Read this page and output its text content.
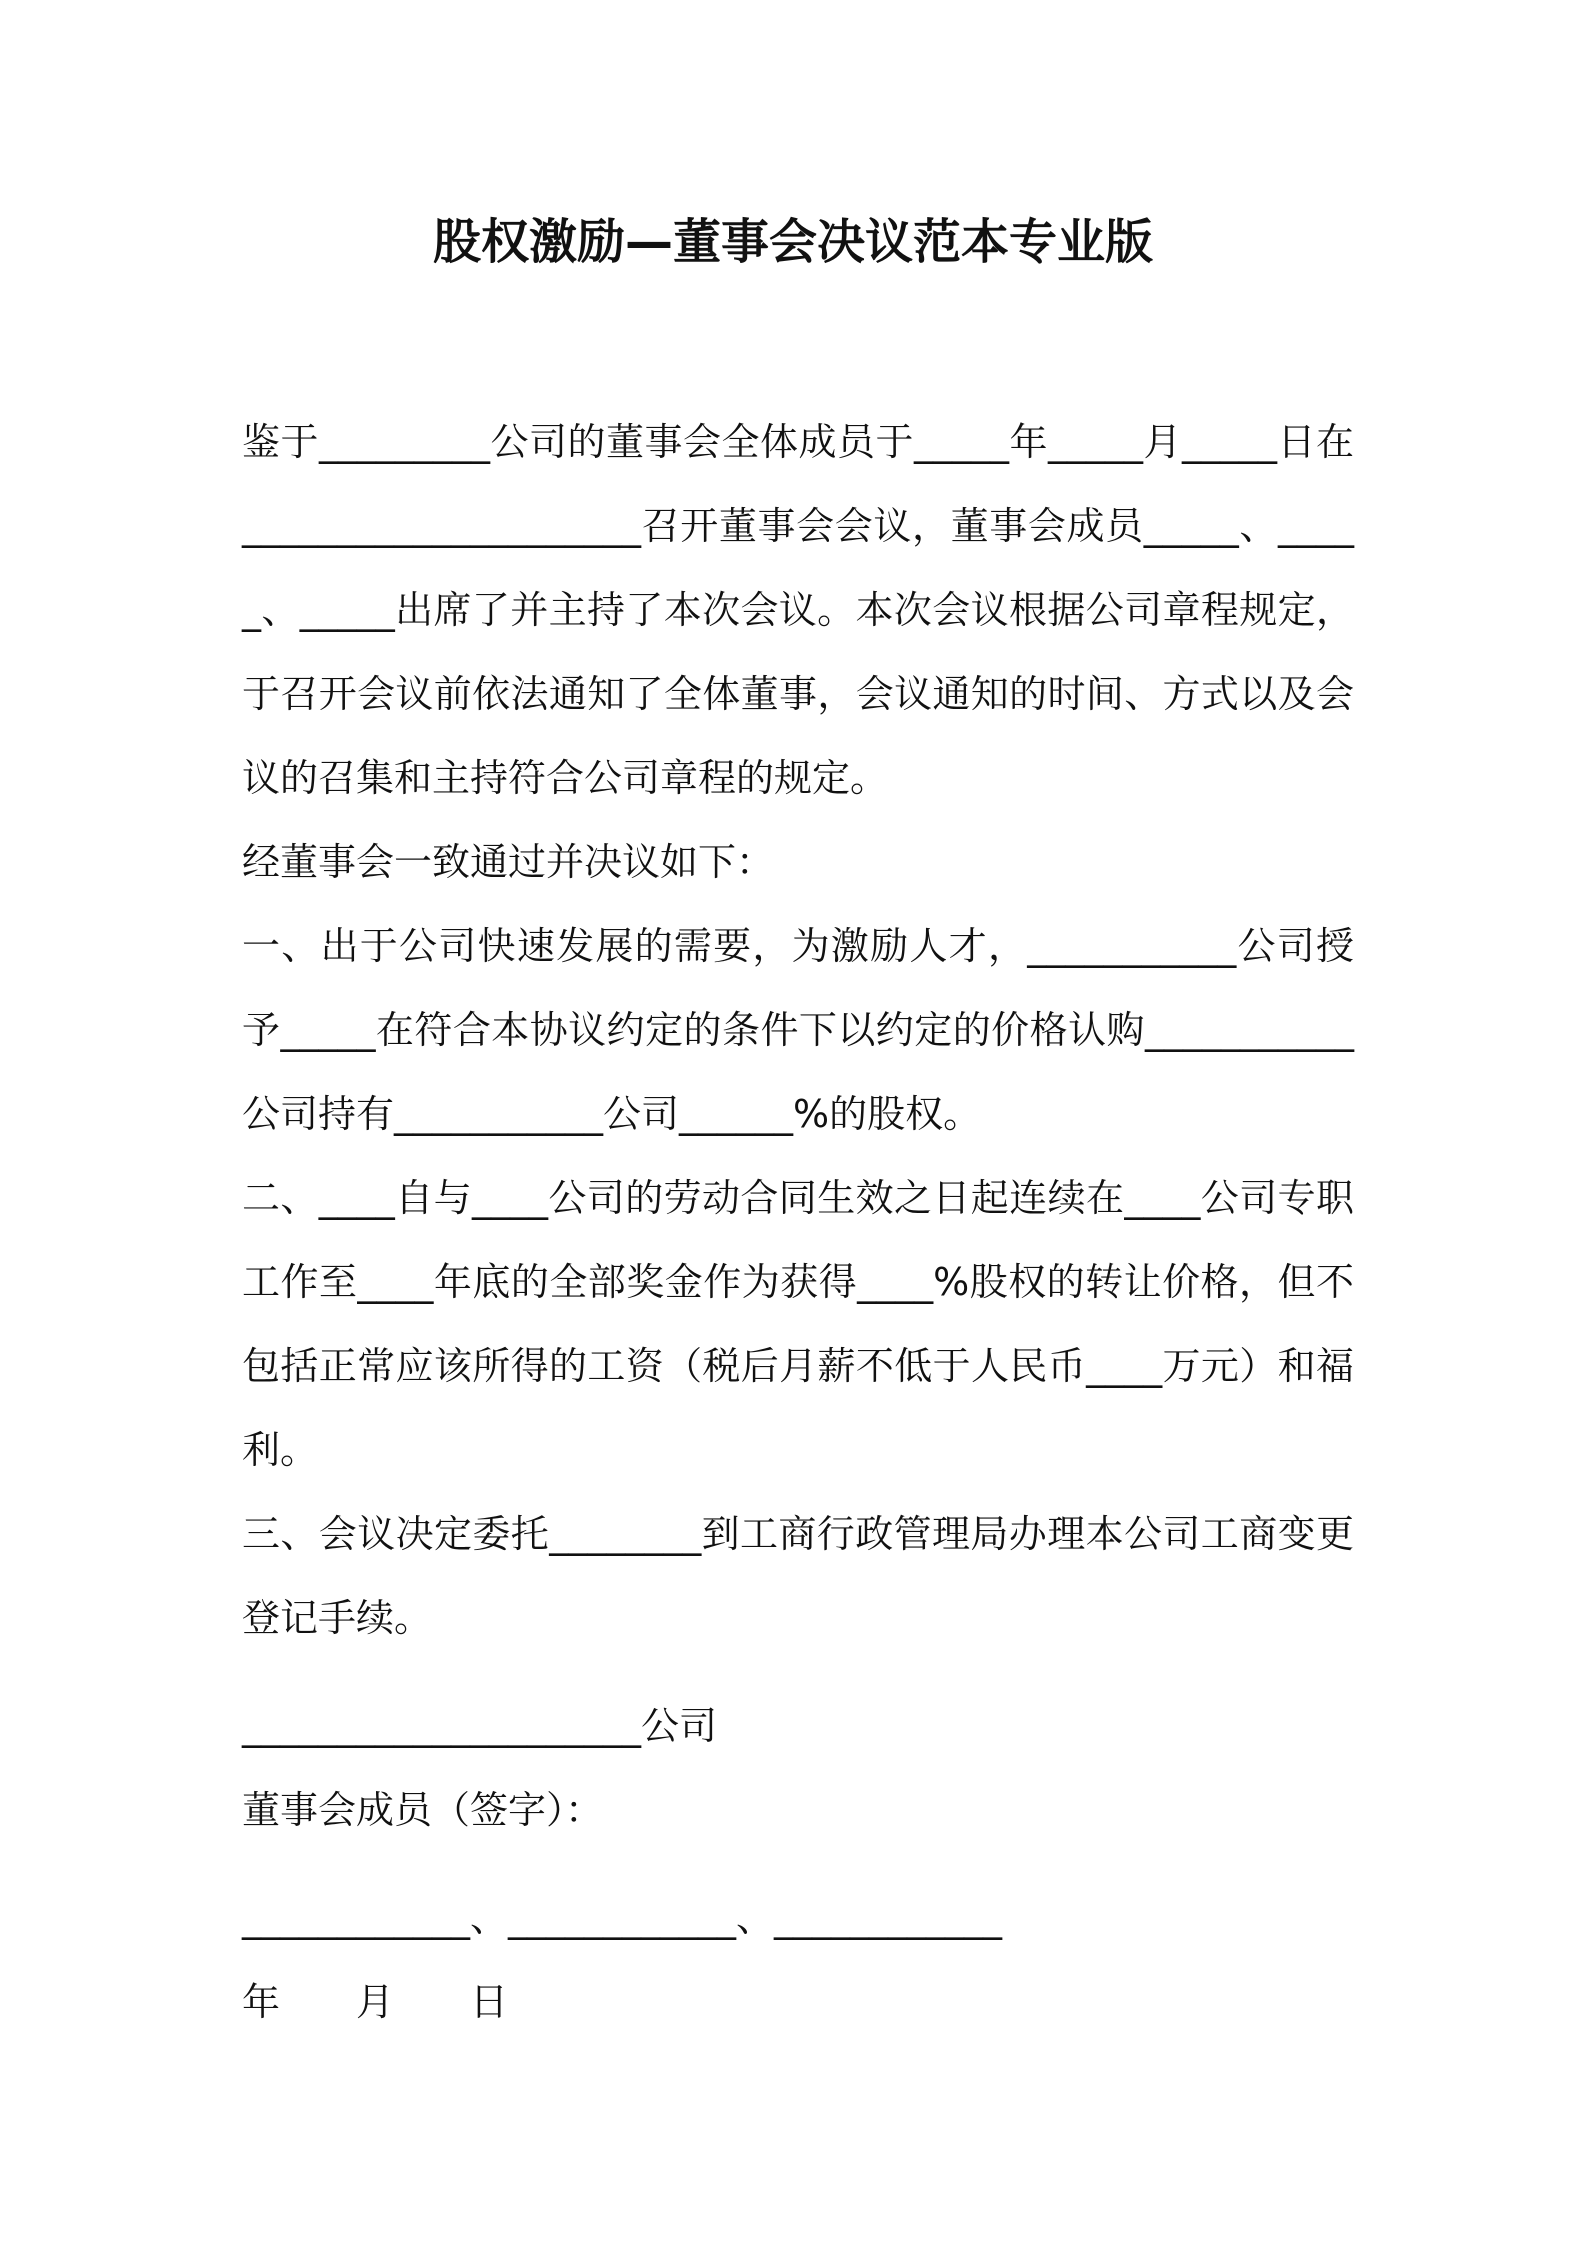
股权激励—董事会决议范本专业版

鉴于_________公司的董事会全体成员于_____年_____月_____日在_____________________召开董事会会议，董事会成员_____、_____、_____出席了并主持了本次会议。本次会议根据公司章程规定，于召开会议前依法通知了全体董事，会议通知的时间、方式以及会议的召集和主持符合公司章程的规定。

经董事会一致通过并决议如下：

一、出于公司快速发展的需要，为激励人才，___________公司授予_____在符合本协议约定的条件下以约定的价格认购___________公司持有___________公司______%的股权。

二、____自与____公司的劳动合同生效之日起连续在____公司专职工作至____年底的全部奖金作为获得____%股权的转让价格，但不包括正常应该所得的工资（税后月薪不低于人民币____万元）和福利。

三、会议决定委托________到工商行政管理局办理本公司工商变更登记手续。

_____________________公司

董事会成员（签字）：

____________、____________、____________

年　　月　　日
